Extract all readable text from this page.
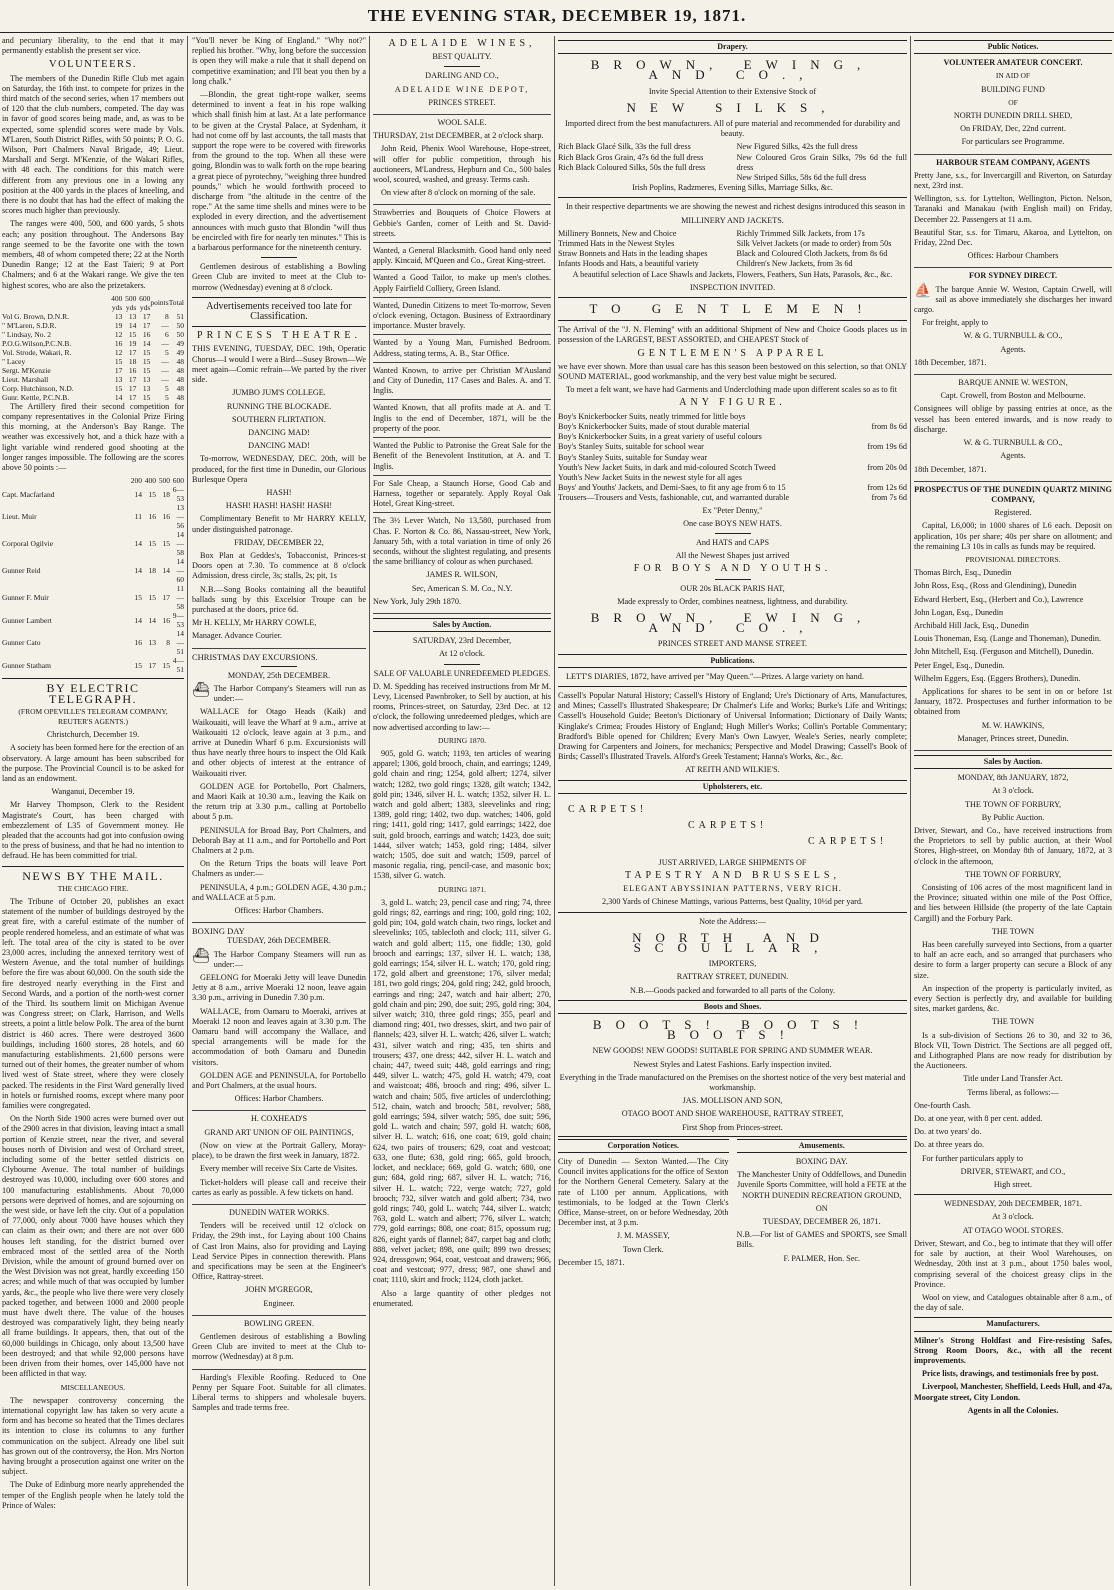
THE EVENING STAR, DECEMBER 19, 1871.

and pecuniary liberality, to the end that it may permanently establish the present ser vice.

VOLUNTEERS.

The members of the Dunedin Rifle Club met again on Saturday, the 16th inst. to compete for prizes in the third match of the second series, when 17 members out of 120 that the club numbers, competed. The day was in favor of good scores being made, and, as was to be expected, some splendid scores were made by Vols. M'Laren, South District Rifles, with 50 points; P. O. G. Wilson, Port Chalmers Naval Brigade, 49; Lieut. Marshall and Sergt. M'Kenzie, of the Wakari Rifles, with 48 each. The conditions for this match were different from any previous one in a lowing any position at the 400 yards in the places of kneeling, and there is no doubt that has had the effect of making the scores much higher than previously.

The ranges were 400, 500, and 600 yards, 5 shots each; any position throughout. The Andersons Bay range seemed to be the favorite one with the town members, 48 of whom competed there; 22 at the North Dunedin Range; 12 at the East Taieri; 9 at Port Chalmers; and 6 at the Wakari range. We give the ten highest scores, who are also the prizetakers.

	400 yds	500 yds	600 yds	points	Total
Vol G. Brown, D.N.R.	13	13	17	8	51
" M'Laren, S.D.R.	19	14	17	—	50
" Lindsay, No. 2	12	15	16	6	50
P.O.G.Wilson,P.C.N.B.	16	19	14	—	49
Vol. Strode, Wakari, R.	12	17	15	5	49
" Lacey	15	18	15	—	48
Sergt. M'Kenzie	17	16	15	—	48
Lieut. Marshall	13	17	13	—	48
Corp. Hutchinson, N.D.	15	17	13	5	48
Gunr. Kettle, P.C.N.B.	14	17	15	5	48

The Artillery fired their second competition for company representatives in the Colonial Prize Firing this morning, at the Anderson's Bay Range. The weather was excessively hot, and a thick haze with a light variable wind rendered good shooting at the longer ranges impossible. The following are the scores above 50 points :—

	200	400	500	600
Capt. Macfarland	14	15	18	6—53
Lieut. Muir	11	16	16	13—56
Corporal Ogilvie	14	15	15	14—58
Gunner Reid	14	18	14	14—60
Gunner F. Muir	15	15	17	11—58
Gunner Lambert	14	14	16	9—53
Gunner Cato	16	13	8	14—51
Gunner Statham	15	17	15	4—51
BY ELECTRIC TELEGRAPH.

(FROM OPEVILLE'S TELEGRAM COMPANY, REUTER'S AGENTS.)

Christchurch, December 19.

A society has been formed here for the erection of an observatory. A large amount has been subscribed for the purpose. The Provincial Council is to be asked for land as an endowment.

Wanganui, December 19.

Mr Harvey Thompson, Clerk to the Resident Magistrate's Court, has been charged with embezzlement of L35 of Government money. He pleaded that the accounts had got into confusion owing to the press of business, and that he had no intention to defraud. He has been committed for trial.

NEWS BY THE MAIL.

THE CHICAGO FIRE.

The Tribune of October 20, publishes an exact statement of the number of buildings destroyed by the great fire, with a careful estimate of the number of people rendered homeless, and an estimate of what was left. The total area of the city is stated to be over 23,000 acres, including the annexed territory west of Western Avenue, and the total number of buildings before the fire was about 60,000. On the south side the fire destroyed nearly everything in the First and Second Wards, and a portion of the north-west corner of the Third. Its southern limit on Michigan Avenue was Congress street; on Clark, Harrison, and Wells streets, a point a little below Polk. The area of the burnt district is 460 acres. There were destroyed 3600 buildings, including 1600 stores, 28 hotels, and 60 manufacturing establishments. 21,600 persons were turned out of their homes, the greater number of whom lived west of State street, where they were closely packed. The residents in the First Ward generally lived in hotels or furnished rooms, except where many poor families were congregated.

On the North Side 1900 acres were burned over out of the 2900 acres in that division, leaving intact a small portion of Kenzie street, near the river, and several houses north of Division and west of Orchard street, including some of the better settled districts on Clybourne Avenue. The total number of buildings destroyed was 10,000, including over 600 stores and 100 manufacturing establishments. About 70,000 persons were deprived of homes, and are sojourning on the west side, or have left the city. Out of a population of 77,000, only about 7000 have houses which they can claim as their own; and there are not over 600 houses left standing, for the district burned over embraced most of the settled area of the North Division, while the amount of ground burned over on the West Division was not great, hardly exceeding 150 acres; and while much of that was occupied by lumber yards, &c., the people who live there were very closely packed together, and between 1000 and 2000 people must have dwelt there. The value of the houses destroyed was comparatively light, they being nearly all frame buildings. It appears, then, that out of the 60,000 buildings in Chicago, only about 13,500 have been destroyed; and that while 92,000 persons have been driven from their homes, over 145,000 have not been afflicted in that way.

MISCELLANEOUS.

The newspaper controversy concerning the international copyright law has taken so very acute a form and has become so heated that the Times declares its intention to close its columns to any further communication on the subject. Already one libel suit has grown out of the controversy, the Hon. Mrs Norton having brought a prosecution against one writer on the subject.

The Duke of Edinburg more nearly apprehended the temper of the English people when he lately told the Prince of Wales:

"You'll never be King of England." "Why not?" replied his brother. "Why, long before the succession is open they will make a rule that it shall depend on competitive examination; and I'll beat you then by a long chalk."

—Blondin, the great tight-rope walker, seems determined to invent a feat in his rope walking which shall finish him at last. At a late performance to be given at the Crystal Palace, at Sydenham, it had not come off by last accounts, the tall masts that support the rope were to be covered with fireworks from the ground to the top. When all these were going, Blondin was to walk forth on the rope bearing a great piece of pyrotechny, "weighing three hundred pounds," which he would forthwith proceed to discharge from "the altitude in the centre of the rope." At the same time shells and mines were to be exploded in every direction, and the advertisement announces with much gusto that Blondin "will thus be encircled with fire for nearly ten minutes." This is a barbarous performance for the nineteenth century.

Gentlemen desirous of establishing a Bowling Green Club are invited to meet at the Club to-morrow (Wednesday) evening at 8 o'clock.

Advertisements received too late for Classification.
PRINCESS THEATRE.

THIS EVENING, TUESDAY, DEC. 19th, Operatic Chorus—I would I were a Bird—Susey Brown—We meet again—Comic refrain—We parted by the river side.

JUMBO JUM'S COLLEGE.

RUNNING THE BLOCKADE.

SOUTHERN FLIRTATION.

DANCING MAD!

DANCING MAD!

To-morrow, WEDNESDAY, DEC. 20th, will be produced, for the first time in Dunedin, our Glorious Burlesque Opera

HASH!

HASH! HASH! HASH! HASH!

Complimentary Benefit to Mr HARRY KELLY, under distinguished patronage.

FRIDAY, DECEMBER 22,

Box Plan at Geddes's, Tobacconist, Princes-st Doors open at 7.30. To commence at 8 o'clock Admission, dress circle, 3s; stalls, 2s; pit, 1s

N.B.—Song Books containing all the beautiful ballads sung by this Excelsior Troupe can be purchased at the doors, price 6d.

Mr H. KELLY, Mr HARRY COWLE,

Manager. Advance Courier.

CHRISTMAS DAY EXCURSIONS.

MONDAY, 25th DECEMBER.

⛴ The Harbor Company's Steamers will run as under:—

WALLACE for Otago Heads (Kaik) and Waikouaiti, will leave the Wharf at 9 a.m., arrive at Waikouaiti 12 o'clock, leave again at 3 p.m., and arrive at Dunedin Wharf 6 p.m. Excursionists will thus have nearly three hours to inspect the Old Kaik and other objects of interest at the entrance of Waikouaiti river.

GOLDEN AGE for Portobello, Port Chalmers, and Maori Kaik at 10.30 a.m., leaving the Kaik on the return trip at 3.30 p.m., calling at Portobello about 5 p.m.

PENINSULA for Broad Bay, Port Chalmers, and Deborah Bay at 11 a.m., and for Portobello and Port Chalmers at 2 p.m.

On the Return Trips the boats will leave Port Chalmers as under:—

PENINSULA, 4 p.m.; GOLDEN AGE, 4.30 p.m.; and WALLACE at 5 p.m.

Offices: Harbor Chambers.

BOXING DAY

TUESDAY, 26th DECEMBER.

⛴ The Harbor Company Steamers will run as under:—

GEELONG for Moeraki Jetty will leave Dunedin Jetty at 8 a.m., arrive Moeraki 12 noon, leave again 3.30 p.m., arriving in Dunedin 7.30 p.m.

WALLACE, from Oamaru to Moeraki, arrives at Moeraki 12 noon and leaves again at 3.30 p.m. The Oamaru band will accompany the Wallace, and special arrangements will be made for the accommodation of both Oamaru and Dunedin visitors.

GOLDEN AGE and PENINSULA, for Portobello and Port Chalmers, at the usual hours.

Offices: Harbor Chambers.

H. COXHEAD'S

GRAND ART UNION OF OIL PAINTINGS,

(Now on view at the Portrait Gallery, Moray-place), to be drawn the first week in January, 1872.

Every member will receive Six Carte de Visites.

Ticket-holders will please call and receive their cartes as early as possible. A few tickets on hand.

DUNEDIN WATER WORKS.

Tenders will be received until 12 o'clock on Friday, the 29th inst., for Laying about 100 Chains of Cast Iron Mains, also for providing and Laying Lead Service Pipes in connection therewith. Plans and specifications may be seen at the Engineer's Office, Rattray-street.

JOHN M'GREGOR,

Engineer.

BOWLING GREEN.

Gentlemen desirous of establishing a Bowling Green Club are invited to meet at the Club to-morrow (Wednesday) at 8 p.m.

Harding's Flexible Roofing. Reduced to One Penny per Square Foot. Suitable for all climates. Liberal terms to shippers and wholesale buyers. Samples and trade terms free.

ADELAIDE WINES,

BEST QUALITY.

DARLING AND CO.,

ADELAIDE WINE DEPOT,

PRINCES STREET.

WOOL SALE.

THURSDAY, 21st DECEMBER, at 2 o'clock sharp.

John Reid, Phenix Wool Warehouse, Hope-street, will offer for public competition, through his auctioneers, M'Landress, Hepburn and Co., 500 bales wool, scoured, washed, and greasy. Terms cash.

On view after 8 o'clock on morning of the sale.

Strawberries and Bouquets of Choice Flowers at Gebbie's Garden, corner of Leith and St. David-streets.

Wanted, a General Blacksmith. Good hand only need apply. Kincaid, M'Queen and Co., Great King-street.

Wanted a Good Tailor, to make up men's clothes. Apply Fairfield Colliery, Green Island.

Wanted, Dunedin Citizens to meet To-morrow, Seven o'clock evening, Octagon. Business of Extraordinary importance. Muster bravely.

Wanted by a Young Man, Furnished Bedroom. Address, stating terms, A. B., Star Office.

Wanted Known, to arrive per Christian M'Ausland and City of Dunedin, 117 Cases and Bales. A. and T. Inglis.

Wanted Known, that all profits made at A. and T. Inglis to the end of December, 1871, will be the property of the poor.

Wanted the Public to Patronise the Great Sale for the Benefit of the Benevolent Institution, at A. and T. Inglis.

For Sale Cheap, a Staunch Horse, Good Cab and Harness, together or separately. Apply Royal Oak Hotel, Great King-street.

The 3½ Lever Watch, No 13,580, purchased from Chas. F. Norton & Co. 86, Nassau-street, New York, January 5th, with a total variation in time of only 26 seconds, without the slightest regulating, and presents the same brilliancy of colour as when purchased.

JAMES R. WILSON,

Sec, American S. M. Co., N.Y.

New York, July 29th 1870.

Sales by Auction.

SATURDAY, 23rd December,

At 12 o'clock.

SALE OF VALUABLE UNREDEEMED PLEDGES.

D. M. Spedding has received instructions from Mr M. Levy, Licensed Pawnbroker, to Sell by auction, at his rooms, Princes-street, on Saturday, 23rd Dec. at 12 o'clock, the following unredeemed pledges, which are now advertised according to law:—

DURING 1870.

905, gold G. watch; 1193, ten articles of wearing apparel; 1306, gold brooch, chain, and earrings; 1249, gold chain and ring; 1254, gold albert; 1274, silver watch; 1282, two gold rings; 1328, gilt watch; 1342, gold pin; 1346, silver H. L. watch; 1352, silver H. L. watch and gold albert; 1383, sleevelinks and ring; 1389, gold ring; 1402, two dup. watches; 1406, gold ring; 1411, gold ring; 1417, gold earrings; 1422, doe suit, gold brooch, earrings and watch; 1423, doe suit; 1444, silver watch; 1453, gold ring; 1484, silver watch; 1505, doe suit and watch; 1509, parcel of masonic regalia, ring, pencil-case, and masonic box; 1538, silver G. watch.

DURING 1871.

3, gold L. watch; 23, pencil case and ring; 74, three gold rings; 82, earrings and ring; 100, gold ring; 102, gold pin; 104, gold watch chain, two rings, locket and sleevelinks; 105, tablecloth and clock; 111, silver G. watch and gold albert; 115, one fiddle; 130, gold brooch and earrings; 137, silver H. L. watch; 138, gold earrings; 154, silver H. L. watch; 170, gold ring; 172, gold albert and greenstone; 176, silver medal; 181, two gold rings; 204, gold ring; 242, gold brooch, earrings and ring; 247, watch and hair albert; 270, gold chain and pin; 290, doe suit; 295, gold ring; 304, silver watch; 310, three gold rings; 355, pearl and diamond ring; 401, two dresses, skirt, and two pair of flannels; 423, silver H. L. watch; 426, silver L. watch; 431, silver watch and ring; 435, ten shirts and trousers; 437, one dress; 442, silver H. L. watch and chain; 447, tweed suit; 448, gold earrings and ring; 449, silver L. watch; 475, gold H. watch; 479, coat and waistcoat; 486, brooch and ring; 496, silver L. watch and chain; 505, five articles of underclothing; 512, chain, watch and brooch; 581, revolver; 588, gold earrings; 594, silver watch; 595, doe suit; 596, gold L. watch and chain; 597, gold H. watch; 608, silver H. L. watch; 616, one coat; 619, gold chain; 624, two pairs of trousers; 629, coat and vestcoat; 633, one flute; 638, gold ring; 665, gold brooch, locket, and necklace; 669, gold G. watch; 680, one gun; 684, gold ring; 687, silver H. L. watch; 716, silver H. L. watch; 722, verge watch; 727, gold brooch; 732, silver watch and gold albert; 734, two gold rings; 740, gold L. watch; 744, silver L. watch; 763, gold L. watch and albert; 776, silver L. watch; 779, gold earrings; 808, one coat; 815, opossum rug; 826, eight yards of flannel; 847, carpet bag and cloth; 888, velvet jacket; 898, one quilt; 899 two dresses; 924, dressgown; 964, coat, vestcoat and drawers; 966, coat and vestcoat; 977, dress; 987, one shawl and coat; 1110, skirt and frock; 1124, cloth jacket.

Also a large quantity of other pledges not enumerated.

Drapery.
BROWN, EWING, AND CO.,

Invite Special Attention to their Extensive Stock of

NEW SILKS,

Imported direct from the best manufacturers. All of pure material and recommended for durability and beauty.

Rich Black Glacé Silk, 33s the full dress
Rich Black Gros Grain, 47s 6d the full dress
Rich Black Coloured Silks, 50s the full dress
New Figured Silks, 42s the full dress
New Coloured Gros Grain Silks, 79s 6d the full dress
New Striped Silks, 58s 6d the full dress

Irish Poplins, Radzmeres, Evening Silks, Marriage Silks, &c.

In their respective departments we are showing the newest and richest designs introduced this season in

MILLINERY AND JACKETS.

Millinery Bonnets, New and Choice
Trimmed Hats in the Newest Styles
Straw Bonnets and Hats in the leading shapes
Infants Hoods and Hats, a beautiful variety
Richly Trimmed Silk Jackets, from 17s
Silk Velvet Jackets (or made to order) from 50s
Black and Coloured Cloth Jackets, from 8s 6d
Children's New Jackets, from 3s 6d

A beautiful selection of Lace Shawls and Jackets, Flowers, Feathers, Sun Hats, Parasols, &c., &c.

INSPECTION INVITED.

TO GENTLEMEN!

The Arrival of the "J. N. Fleming" with an additional Shipment of New and Choice Goods places us in possession of the LARGEST, BEST ASSORTED, and CHEAPEST Stock of

GENTLEMEN'S APPAREL

we have ever shown. More than usual care has this season been bestowed on this selection, so that ONLY SOUND MATERIAL, good workmanship, and the very best value might be secured.

To meet a felt want, we have had Garments and Underclothing made upon different scales so as to fit

ANY FIGURE.
Boy's Knickerbocker Suits, neatly trimmed for little boys
Boy's Knickerbocker Suits, made of stout durable material	from 8s 6d
Boy's Knickerbocker Suits, in a great variety of useful colours
Boy's Stanley Suits, suitable for school wear	from 19s 6d
Boy's Stanley Suits, suitable for Sunday wear
Youth's New Jacket Suits, in dark and mid-coloured Scotch Tweed	from 20s 0d
Youth's New Jacket Suits in the newest style for all ages
Boys' and Youths' Jackets, and Demi-Saes, to fit any age from 6 to 15	from 12s 6d
Trousers—Trousers and Vests, fashionable, cut, and warranted durable	from 7s 6d

Ex "Peter Denny,"

One case BOYS NEW HATS.

And HATS and CAPS

All the Newest Shapes just arrived

FOR BOYS AND YOUTHS.

OUR 20s BLACK PARIS HAT,

Made expressly to Order, combines neatness, lightness, and durability.

BROWN, EWING, AND CO.,

PRINCES STREET AND MANSE STREET.

Publications.

LETT'S DIARIES, 1872, have arrived per "May Queen."—Prizes. A large variety on hand.

Cassell's Popular Natural History; Cassell's History of England; Ure's Dictionary of Arts, Manufactures, and Mines; Cassell's Illustrated Shakespeare; Dr Chalmer's Life and Works; Burke's Life and Writings; Cassell's Household Guide; Beeton's Dictionary of Universal Information; Dictionary of Daily Wants; Kinglake's Crimea; Froudes History of England; Hugh Miller's Works; Collin's Portable Commentary; Bradford's Bible opened for Children; Every Man's Own Lawyer, Weale's Series, nearly complete; Drawing for Carpenters and Joiners, for mechanics; Perspective and Model Drawing; Cassell's Book of Birds; Cassell's Illustrated Travels. Alford's Greek Testament; Hanna's Works, &c., &c.

AT REITH AND WILKIE'S.

Upholsterers, etc.
CARPETS!
CARPETS!
CARPETS!

JUST ARRIVED, LARGE SHIPMENTS OF

TAPESTRY AND BRUSSELS,

ELEGANT ABYSSINIAN PATTERNS, VERY RICH.

2,300 Yards of Chinese Mattings, various Patterns, best Quality, 10½d per yard.

Note the Address:—

NORTH AND SCOULLAR,

IMPORTERS,

RATTRAY STREET, DUNEDIN.

N.B.—Goods packed and forwarded to all parts of the Colony.

Boots and Shoes.
BOOTS! BOOTS! BOOTS!

NEW GOODS! NEW GOODS! SUITABLE FOR SPRING AND SUMMER WEAR.

Newest Styles and Latest Fashions. Early inspection invited.

Everything in the Trade manufactured on the Premises on the shortest notice of the very best material and workmanship.

JAS. MOLLISON AND SON,

OTAGO BOOT AND SHOE WAREHOUSE, RATTRAY STREET,

First Shop from Princes-street.

Corporation Notices.

City of Dunedin — Sexton Wanted.—The City Council invites applications for the office of Sexton for the Northern General Cemetery. Salary at the rate of L100 per annum. Applications, with testimonials, to be lodged at the Town Clerk's Office, Manse-street, on or before Wednesday, 20th December inst, at 3 p.m.

J. M. MASSEY,

Town Clerk.

December 15, 1871.

Amusements.

BOXING DAY.

The Manchester Unity of Oddfellows, and Dunedin Juvenile Sports Committee, will hold a FETE at the NORTH DUNEDIN RECREATION GROUND,

ON

TUESDAY, DECEMBER 26, 1871.

N.B.—For list of GAMES and SPORTS, see Small Bills.

F. PALMER, Hon. Sec.

Public Notices.

VOLUNTEER AMATEUR CONCERT.

IN AID OF

BUILDING FUND

OF

NORTH DUNEDIN DRILL SHED,

On FRIDAY, Dec, 22nd current.

For particulars see Programme.

HARBOUR STEAM COMPANY, AGENTS

Pretty Jane, s.s., for Invercargill and Riverton, on Saturday next, 23rd inst.

Wellington, s.s. for Lyttelton, Wellington, Picton. Nelson, Taranaki and Manakau (with English mail) on Friday, December 22. Passengers at 11 a.m.

Beautiful Star, s.s. for Timaru, Akaroa, and Lyttelton, on Friday, 22nd Dec.

Offices: Harbour Chambers

FOR SYDNEY DIRECT.

⛵ The barque Annie W. Weston, Captain Crwell, will sail as above immediately she discharges her inward cargo.

For freight, apply to

W. & G. TURNBULL & CO.,

Agents.

18th December, 1871.

BARQUE ANNIE W. WESTON,

Capt. Crowell, from Boston and Melbourne.

Consignees will oblige by passing entries at once, as the vessel has been entered inwards, and is now ready to discharge.

W. & G. TURNBULL & CO.,

Agents.

18th December, 1871.

PROSPECTUS OF THE DUNEDIN QUARTZ MINING COMPANY,

Registered.

Capital, L6,000; in 1000 shares of L6 each. Deposit on application, 10s per share; 40s per share on allotment; and the remaining L3 10s in calls as funds may be required.

PROVISIONAL DIRECTORS.

Thomas Birch, Esq., Dunedin

John Ross, Esq., (Ross and Glendining), Dunedin

Edward Herbert, Esq., (Herbert and Co.), Lawrence

John Logan, Esq., Dunedin

Archibald Hill Jack, Esq., Dunedin

Louis Thoneman, Esq. (Lange and Thoneman), Dunedin.

John Mitchell, Esq. (Ferguson and Mitchell), Dunedin.

Peter Engel, Esq., Dunedin.

Wilhelm Eggers, Esq. (Eggers Brothers), Dunedin.

Applications for shares to be sent in on or before 1st January, 1872. Prospectuses and further information to be obtained from

M. W. HAWKINS,

Manager, Princes street, Dunedin.

Sales by Auction.

MONDAY, 8th JANUARY, 1872,

At 3 o'clock.

THE TOWN OF FORBURY,

By Public Auction.

Driver, Stewart, and Co., have received instructions from the Proprietors to sell by public auction, at their Wool Stores, High-street, on Monday 8th of January, 1872, at 3 o'clock in the afternoon,

THE TOWN OF FORBURY,

Consisting of 106 acres of the most magnificent land in the Province; situated within one mile of the Post Office, and lies between Hillside (the property of the late Captain Cargill) and the Forbury Park.

THE TOWN

Has been carefully surveyed into Sections, from a quarter to half an acre each, and so arranged that purchasers who desire to form a larger property can secure a Block of any size.

An inspection of the property is particularly invited, as every Section is perfectly dry, and available for building sites, market gardens, &c.

THE TOWN

Is a sub-division of Sections 26 to 30, and 32 to 36, Block VII, Town District. The Sections are all pegged off, and Lithographed Plans are now ready for distribution by the Auctioneers.

Title under Land Transfer Act.

Terms liberal, as follows:—

One-fourth Cash.

Do. at one year, with 8 per cent. added.

Do. at two years' do.

Do. at three years do.

For further particulars apply to

DRIVER, STEWART, and CO.,

High street.

WEDNESDAY, 20th DECEMBER, 1871.

At 3 o'clock.

AT OTAGO WOOL STORES.

Driver, Stewart, and Co., beg to intimate that they will offer for sale by auction, at their Wool Warehouses, on Wednesday, 20th inst at 3 p.m., about 1750 bales wool, comprising several of the choicest greasy clips in the Province.

Wool on view, and Catalogues obtainable after 8 a.m., of the day of sale.

Manufacturers.

Milner's Strong Holdfast and Fire-resisting Safes, Strong Room Doors, &c., with all the recent improvements.

Price lists, drawings, and testimonials free by post.

Liverpool, Manchester, Sheffield, Leeds Hull, and 47a, Moorgate street, City London.

Agents in all the Colonies.
